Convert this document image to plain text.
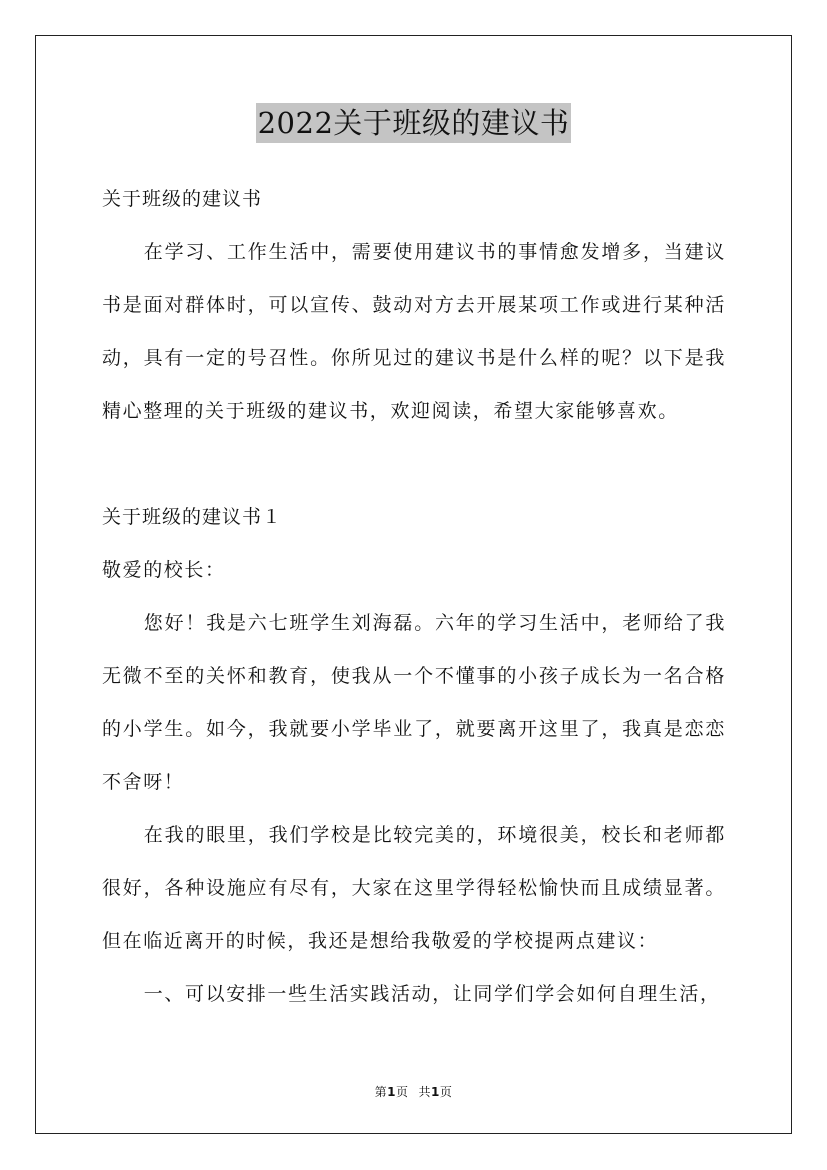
2022关于班级的建议书

关于班级的建议书

在学习、工作生活中，需要使用建议书的事情愈发增多，当建议书是面对群体时，可以宣传、鼓动对方去开展某项工作或进行某种活动，具有一定的号召性。你所见过的建议书是什么样的呢？以下是我精心整理的关于班级的建议书，欢迎阅读，希望大家能够喜欢。

关于班级的建议书１

敬爱的校长：

您好！我是六七班学生刘海磊。六年的学习生活中，老师给了我无微不至的关怀和教育，使我从一个不懂事的小孩子成长为一名合格的小学生。如今，我就要小学毕业了，就要离开这里了，我真是恋恋不舍呀！

在我的眼里，我们学校是比较完美的，环境很美，校长和老师都很好，各种设施应有尽有，大家在这里学得轻松愉快而且成绩显著。但在临近离开的时候，我还是想给我敬爱的学校提两点建议：

一、可以安排一些生活实践活动，让同学们学会如何自理生活，

第1页 共1页
